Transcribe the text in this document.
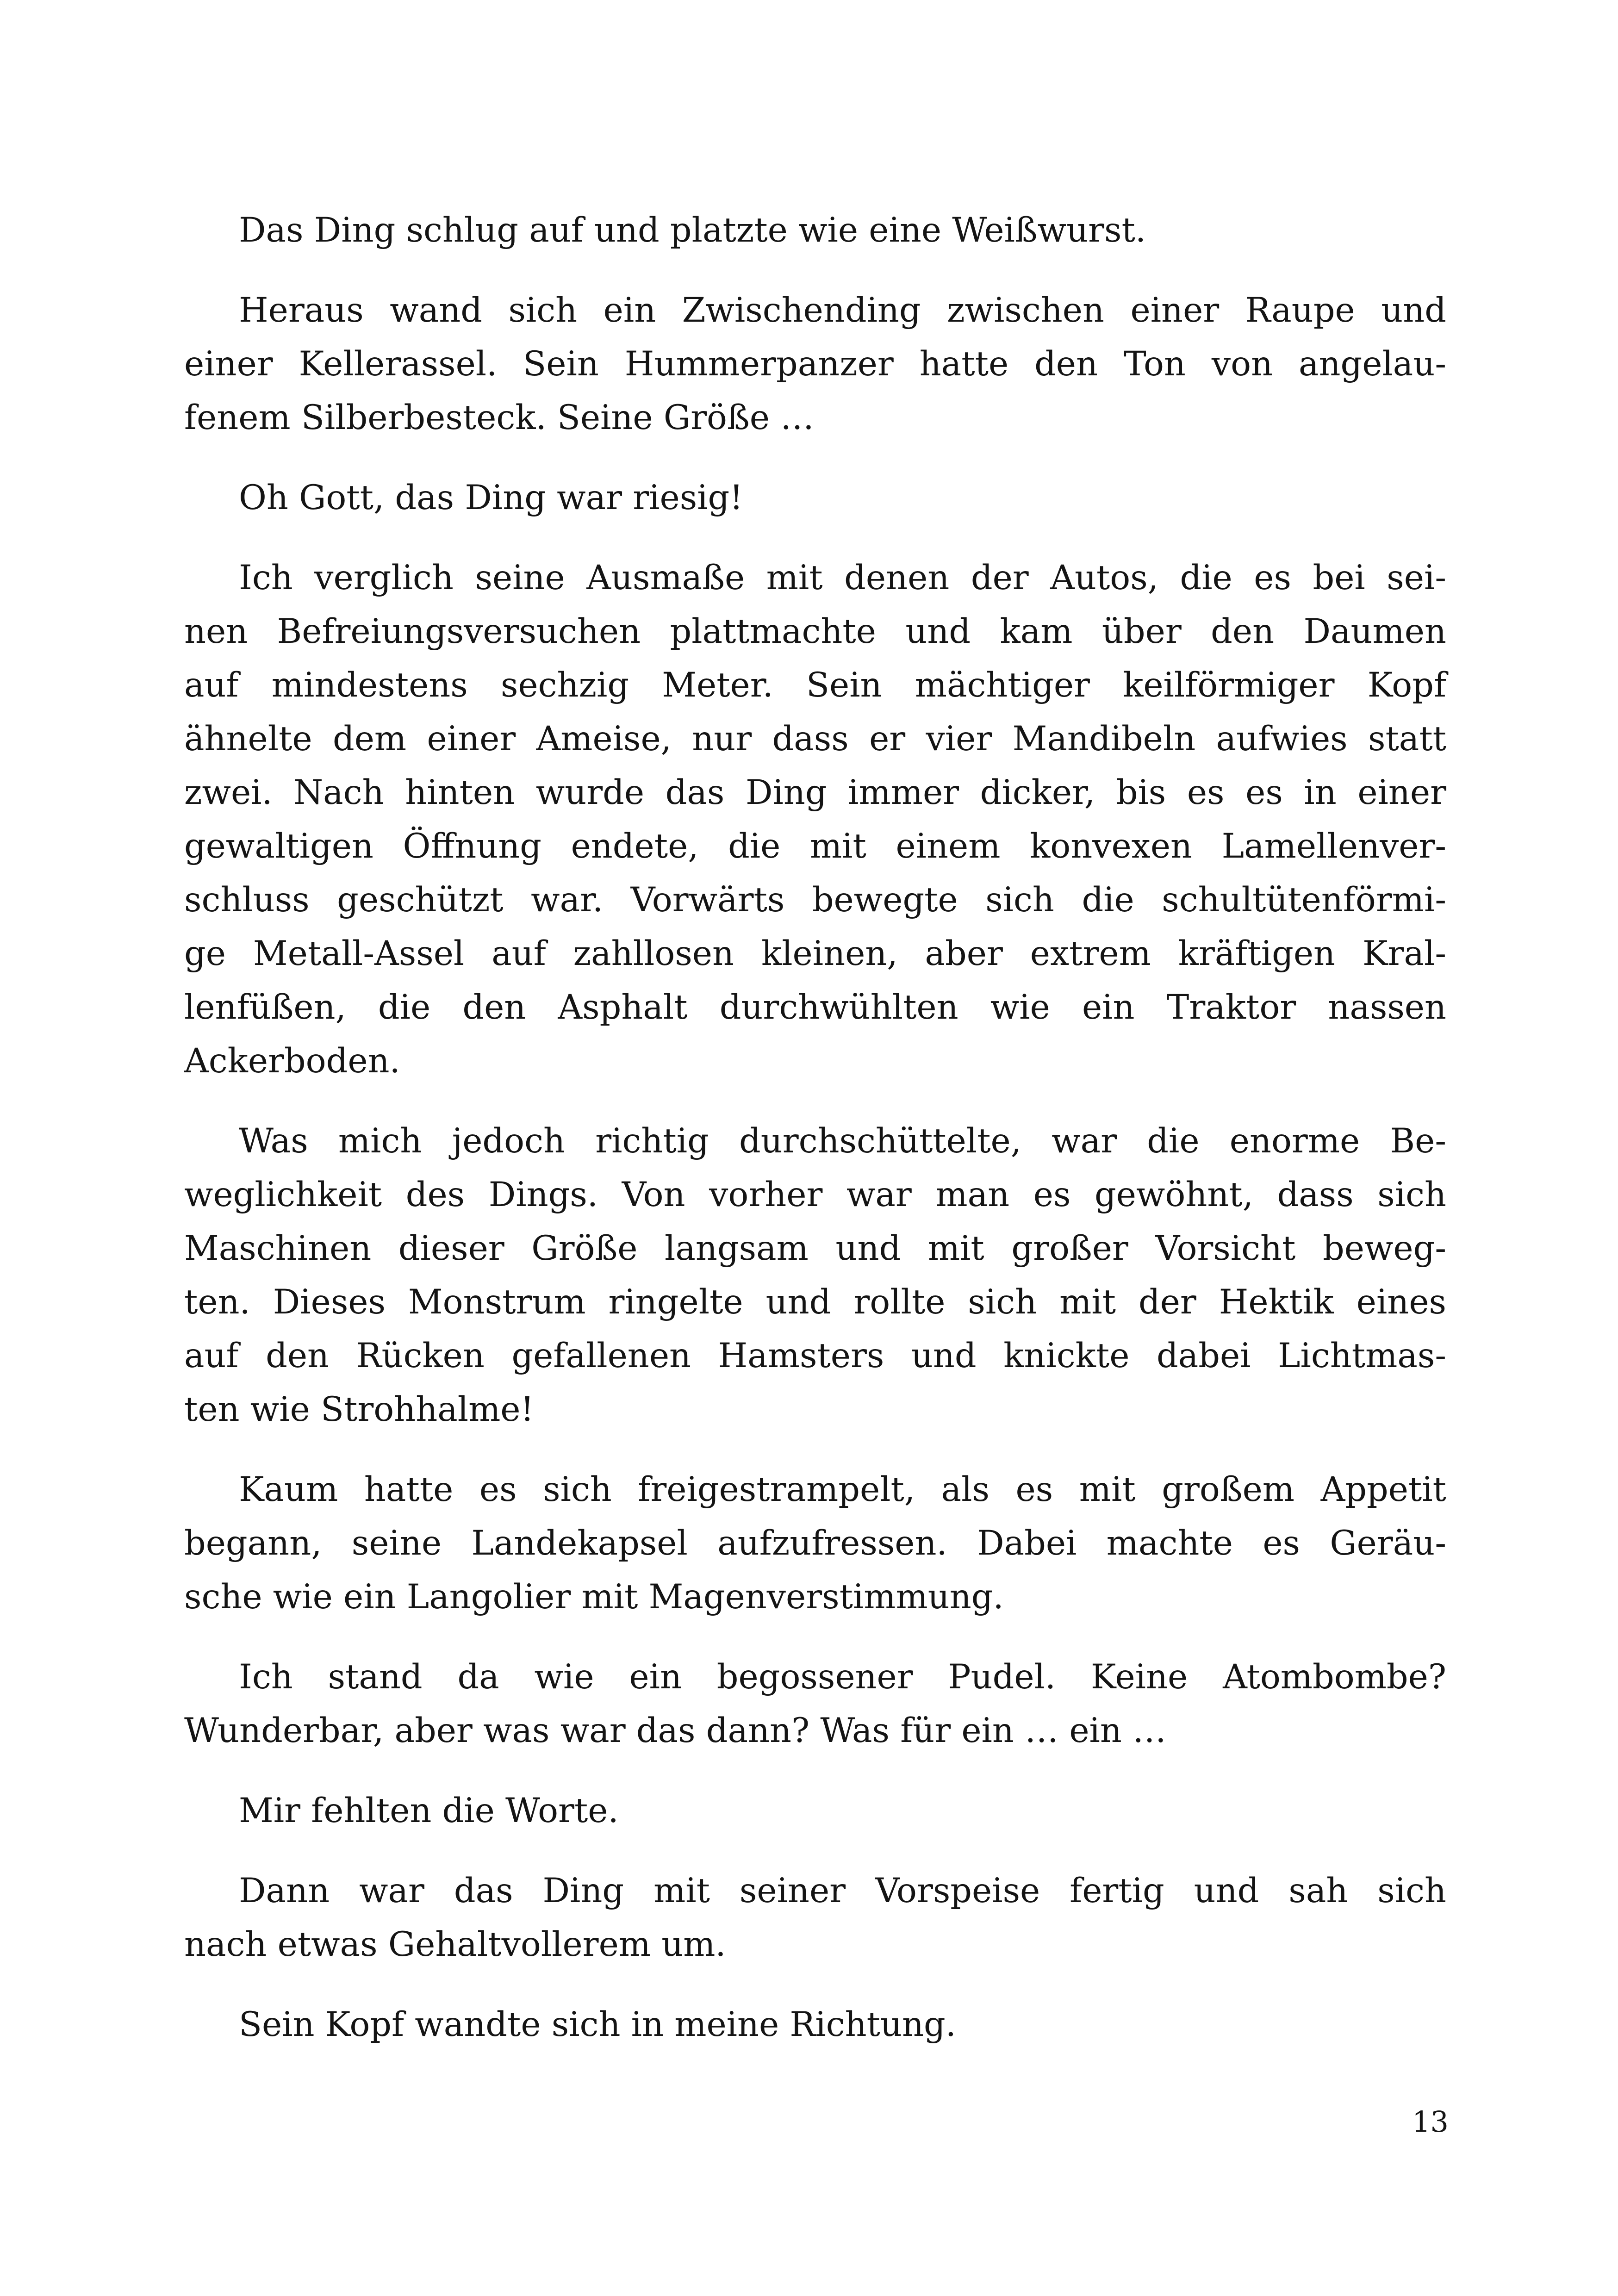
Das Ding schlug auf und platzte wie eine Weißwurst.

Heraus wand sich ein Zwischending zwischen einer Raupe und
einer Kellerassel. Sein Hummerpanzer hatte den Ton von angelau-
fenem Silberbesteck. Seine Größe …

Oh Gott, das Ding war riesig!

Ich verglich seine Ausmaße mit denen der Autos, die es bei sei-
nen Befreiungsversuchen plattmachte und kam über den Daumen
auf mindestens sechzig Meter. Sein mächtiger keilförmiger Kopf
ähnelte dem einer Ameise, nur dass er vier Mandibeln aufwies statt
zwei. Nach hinten wurde das Ding immer dicker, bis es es in einer
gewaltigen Öffnung endete, die mit einem konvexen Lamellenver-
schluss geschützt war. Vorwärts bewegte sich die schultütenförmi-
ge Metall-Assel auf zahllosen kleinen, aber extrem kräftigen Kral-
lenfüßen, die den Asphalt durchwühlten wie ein Traktor nassen
Ackerboden.

Was mich jedoch richtig durchschüttelte, war die enorme Be-
weglichkeit des Dings. Von vorher war man es gewöhnt, dass sich
Maschinen dieser Größe langsam und mit großer Vorsicht beweg-
ten. Dieses Monstrum ringelte und rollte sich mit der Hektik eines
auf den Rücken gefallenen Hamsters und knickte dabei Lichtmas-
ten wie Strohhalme!

Kaum hatte es sich freigestrampelt, als es mit großem Appetit
begann, seine Landekapsel aufzufressen. Dabei machte es Geräu-
sche wie ein Langolier mit Magenverstimmung.

Ich stand da wie ein begossener Pudel. Keine Atombombe?
Wunderbar, aber was war das dann? Was für ein … ein …

Mir fehlten die Worte.

Dann war das Ding mit seiner Vorspeise fertig und sah sich
nach etwas Gehaltvollerem um.

Sein Kopf wandte sich in meine Richtung.

13
